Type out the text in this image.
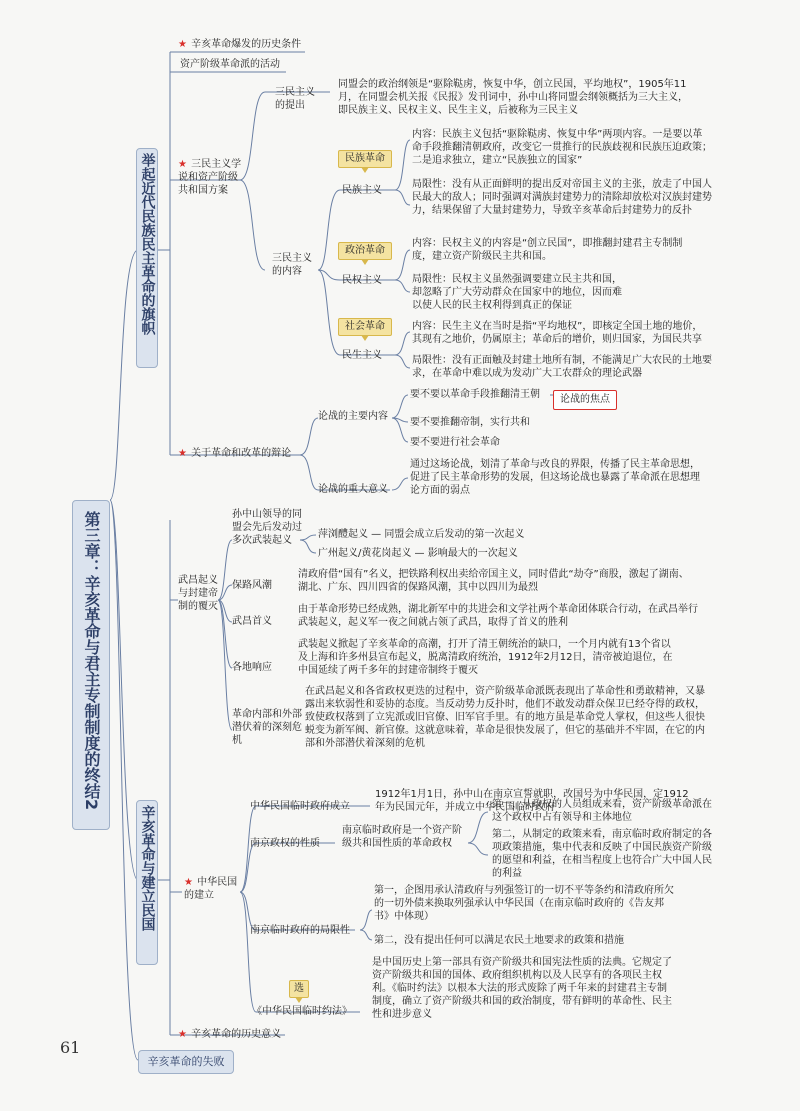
第三章：辛亥革命与君主专制制度的终结2
举起近代民族民主革命的旗帜
辛亥革命与建立民国
辛亥革命的失败
61
★ 辛亥革命爆发的历史条件
资产阶级革命派的活动
★ 三民主义学说和资产阶级共和国方案
三民主义的提出
同盟会的政治纲领是“驱除鞑虏，恢复中华，创立民国，平均地权”，1905年11月，在同盟会机关报《民报》发刊词中，孙中山将同盟会纲领概括为三大主义，即民族主义、民权主义、民生主义，后被称为三民主义
三民主义的内容
民族革命
民族主义
内容：民族主义包括“驱除鞑虏、恢复中华”两项内容。一是要以革命手段推翻清朝政府，改变它一贯推行的民族歧视和民族压迫政策；二是追求独立，建立“民族独立的国家”
局限性：没有从正面鲜明的提出反对帝国主义的主张，放走了中国人民最大的敌人；同时强调对满族封建势力的清除却放松对汉族封建势力，结果保留了大量封建势力，导致辛亥革命后封建势力的反扑
政治革命
民权主义
内容：民权主义的内容是“创立民国”，即推翻封建君主专制制度，建立资产阶级民主共和国。
局限性：民权主义虽然强调要建立民主共和国，却忽略了广大劳动群众在国家中的地位，因而难以使人民的民主权利得到真正的保证
社会革命
民生主义
内容：民生主义在当时是指“平均地权”，即核定全国土地的地价，其现有之地价，仍属原主；革命后的增价，则归国家，为国民共享
局限性：没有正面触及封建土地所有制，不能满足广大农民的土地要求，在革命中难以成为发动广大工农群众的理论武器
★ 关于革命和改革的辩论
论战的主要内容
要不要以革命手段推翻清王朝
要不要推翻帝制，实行共和
要不要进行社会革命
论战的焦点
论战的重大意义
通过这场论战，划清了革命与改良的界限，传播了民主革命思想，促进了民主革命形势的发展，但这场论战也暴露了革命派在思想理论方面的弱点
武昌起义与封建帝制的覆灭
孙中山领导的同盟会先后发动过多次武装起义
萍浏醴起义 — 同盟会成立后发动的第一次起义
广州起义/黄花岗起义 — 影响最大的一次起义
保路风潮
清政府借“国有”名义，把铁路利权出卖给帝国主义，同时借此“劫夺”商股，激起了湖南、湖北、广东、四川四省的保路风潮，其中以四川为最烈
武昌首义
由于革命形势已经成熟，湖北新军中的共进会和文学社两个革命团体联合行动，在武昌举行武装起义，起义军一夜之间就占领了武昌，取得了首义的胜利
各地响应
武装起义掀起了辛亥革命的高潮，打开了清王朝统治的缺口，一个月内就有13个省以及上海和许多州县宣布起义，脱离清政府统治，1912年2月12日，清帝被迫退位，在中国延续了两千多年的封建帝制终于覆灭
革命内部和外部潜伏着的深刻危机
在武昌起义和各省政权更迭的过程中，资产阶级革命派既表现出了革命性和勇敢精神，又暴露出来软弱性和妥协的态度。当反动势力反扑时，他们不敢发动群众保卫已经夺得的政权，致使政权落到了立宪派或旧官僚、旧军官手里。有的地方虽是革命党人掌权，但这些人很快蜕变为新军阀、新官僚。这就意味着，革命是很快发展了，但它的基础并不牢固，在它的内部和外部潜伏着深刻的危机
★ 中华民国的建立
中华民国临时政府成立
1912年1月1日，孙中山在南京宣誓就职，改国号为中华民国，定1912年为民国元年，并成立中华民国临时政府
南京政权的性质
南京临时政府是一个资产阶级共和国性质的革命政权
第一，从政权的人员组成来看，资产阶级革命派在这个政权中占有领导和主体地位
第二，从制定的政策来看，南京临时政府制定的各项政策措施，集中代表和反映了中国民族资产阶级的愿望和利益，在相当程度上也符合广大中国人民的利益
南京临时政府的局限性
第一，企图用承认清政府与列强签订的一切不平等条约和清政府所欠的一切外债来换取列强承认中华民国（在南京临时政府的《告友邦书》中体现）
第二，没有提出任何可以满足农民土地要求的政策和措施
选
《中华民国临时约法》
是中国历史上第一部具有资产阶级共和国宪法性质的法典。它规定了资产阶级共和国的国体、政府组织机构以及人民享有的各项民主权利。《临时约法》以根本大法的形式废除了两千年来的封建君主专制制度，确立了资产阶级共和国的政治制度，带有鲜明的革命性、民主性和进步意义
★ 辛亥革命的历史意义
